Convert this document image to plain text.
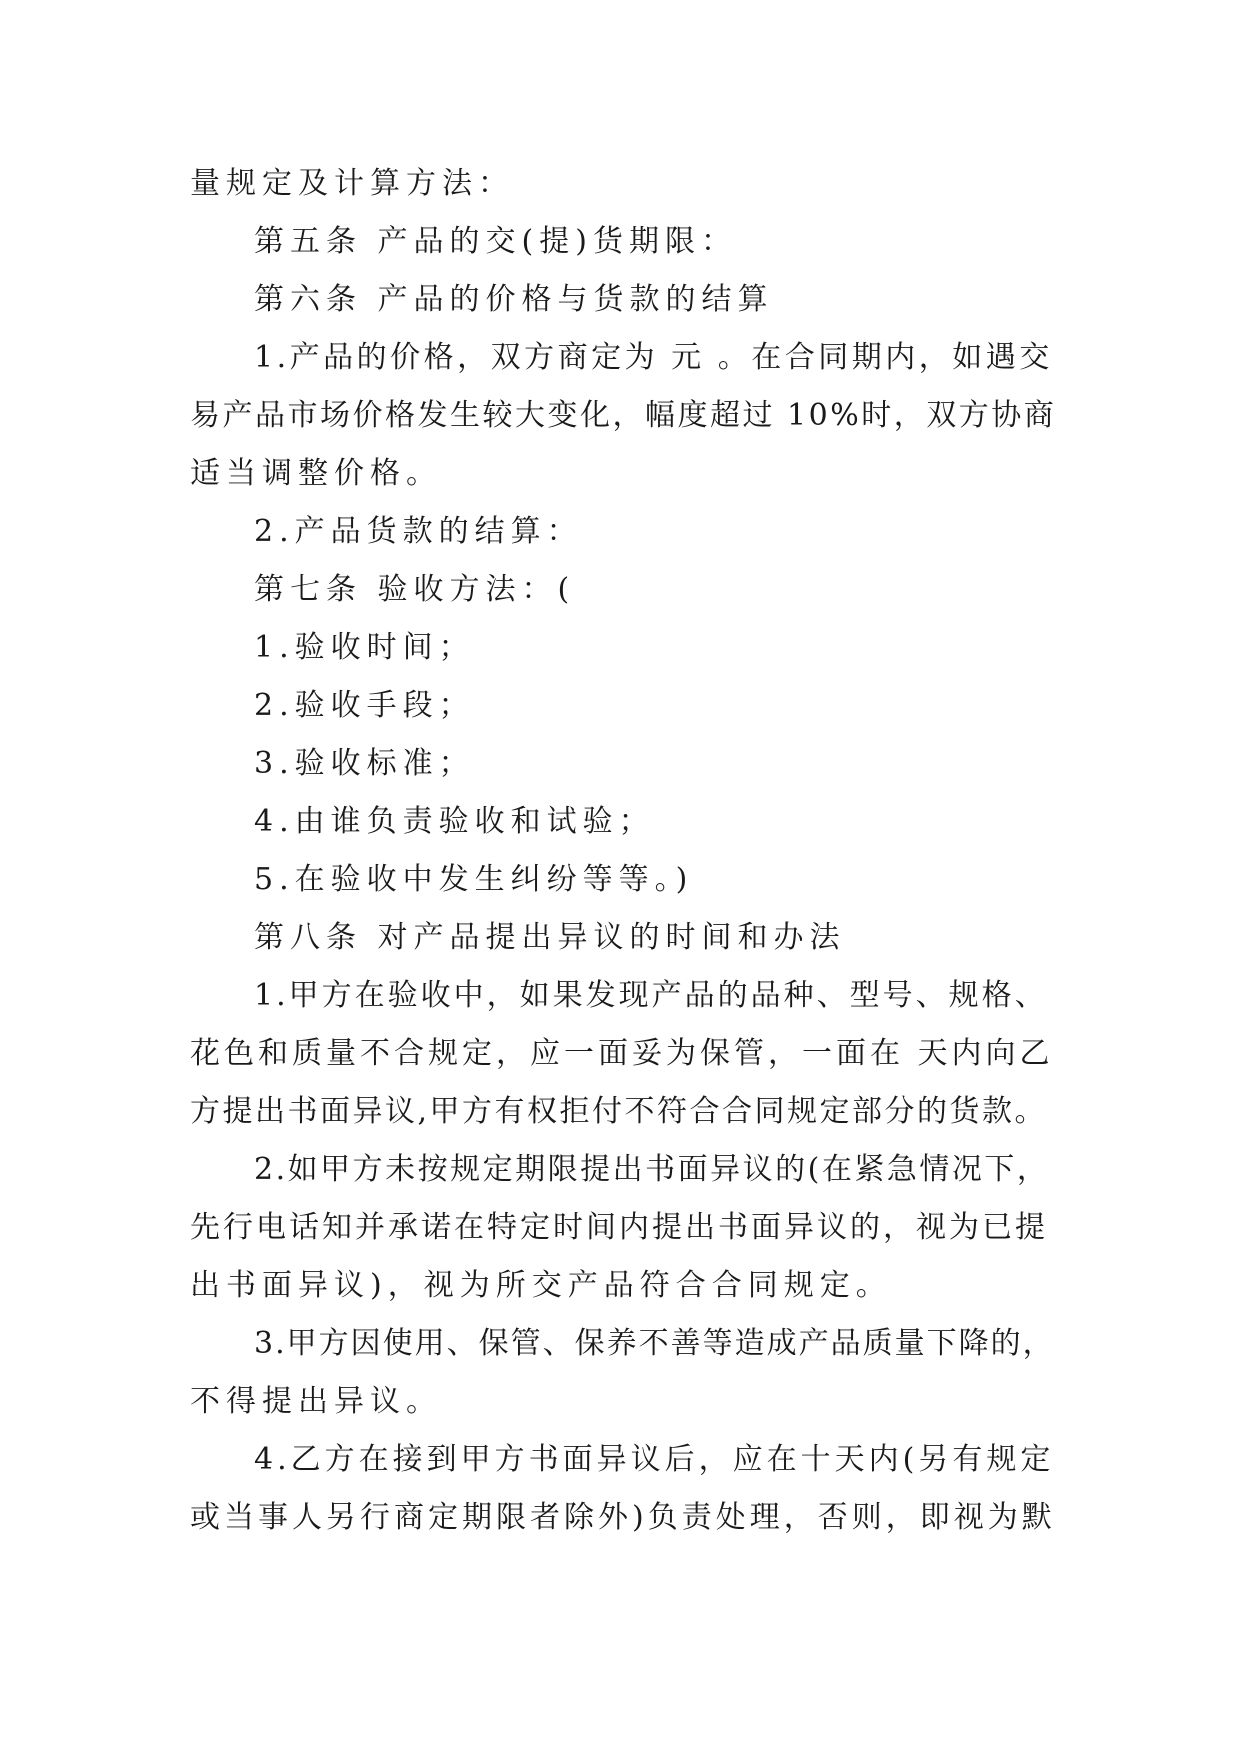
量规定及计算方法：
第五条 产品的交(提)货期限：
第六条 产品的价格与货款的结算
1.产品的价格，双方商定为 元 。在合同期内，如遇交
易产品市场价格发生较大变化，幅度超过 10%时，双方协商
适当调整价格。
2.产品货款的结算：
第七条 验收方法：(
1.验收时间；
2.验收手段；
3.验收标准；
4.由谁负责验收和试验；
5.在验收中发生纠纷等等。)
第八条 对产品提出异议的时间和办法
1.甲方在验收中，如果发现产品的品种、型号、规格、
花色和质量不合规定，应一面妥为保管，一面在 天内向乙
方提出书面异议,甲方有权拒付不符合合同规定部分的货款。
2.如甲方未按规定期限提出书面异议的(在紧急情况下，
先行电话知并承诺在特定时间内提出书面异议的，视为已提
出书面异议)，视为所交产品符合合同规定。
3.甲方因使用、保管、保养不善等造成产品质量下降的，
不得提出异议。
4.乙方在接到甲方书面异议后，应在十天内(另有规定
或当事人另行商定期限者除外)负责处理，否则，即视为默
